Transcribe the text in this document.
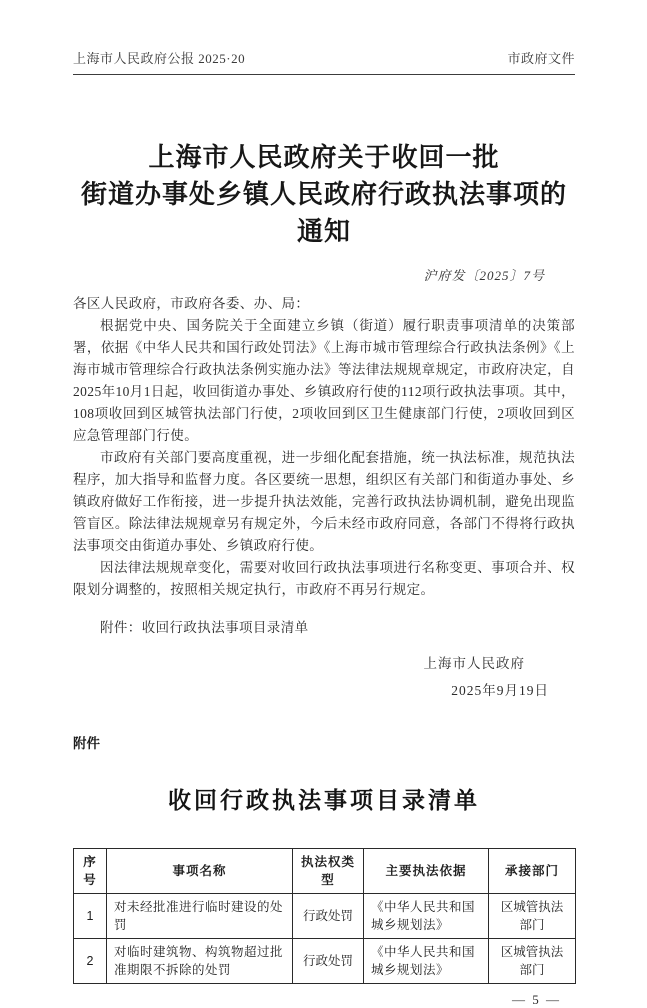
上海市人民政府公报 2025·20	市政府文件
上海市人民政府关于收回一批
街道办事处乡镇人民政府行政执法事项的通知
沪府发〔2025〕7号

各区人民政府，市政府各委、办、局：

根据党中央、国务院关于全面建立乡镇（街道）履行职责事项清单的决策部署，依据《中华人民共和国行政处罚法》《上海市城市管理综合行政执法条例》《上海市城市管理综合行政执法条例实施办法》等法律法规规章规定，市政府决定，自2025年10月1日起，收回街道办事处、乡镇政府行使的112项行政执法事项。其中，108项收回到区城管执法部门行使，2项收回到区卫生健康部门行使，2项收回到区应急管理部门行使。

市政府有关部门要高度重视，进一步细化配套措施，统一执法标准，规范执法程序，加大指导和监督力度。各区要统一思想，组织区有关部门和街道办事处、乡镇政府做好工作衔接，进一步提升执法效能，完善行政执法协调机制，避免出现监管盲区。除法律法规规章另有规定外，今后未经市政府同意，各部门不得将行政执法事项交由街道办事处、乡镇政府行使。

因法律法规规章变化，需要对收回行政执法事项进行名称变更、事项合并、权限划分调整的，按照相关规定执行，市政府不再另行规定。

附件：收回行政执法事项目录清单
上海市人民政府
2025年9月19日
附件
收回行政执法事项目录清单
序号	事项名称	执法权类型	主要执法依据	承接部门
1	对未经批准进行临时建设的处罚	行政处罚	《中华人民共和国城乡规划法》	区城管执法部门
2	对临时建筑物、构筑物超过批准期限不拆除的处罚	行政处罚	《中华人民共和国城乡规划法》	区城管执法部门
— 5 —
